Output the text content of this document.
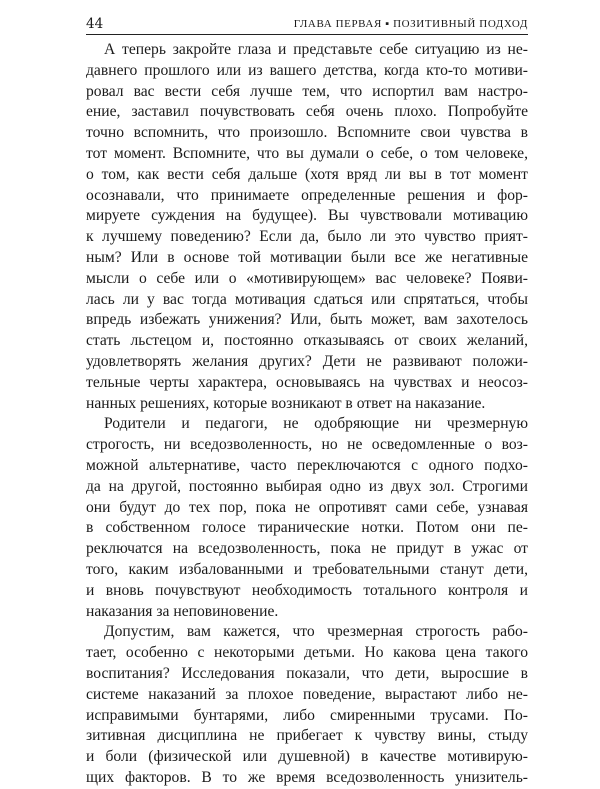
44	ГЛАВА ПЕРВАЯ ▪ ПОЗИТИВНЫЙ ПОДХОД
А теперь закройте глаза и представьте себе ситуацию из не-
давнего прошлого или из вашего детства, когда кто-то мотиви-
ровал вас вести себя лучше тем, что испортил вам настро-
ение, заставил почувствовать себя очень плохо. Попробуйте
точно вспомнить, что произошло. Вспомните свои чувства в
тот момент. Вспомните, что вы думали о себе, о том человеке,
о том, как вести себя дальше (хотя вряд ли вы в тот момент
осознавали, что принимаете определенные решения и фор-
мируете суждения на будущее). Вы чувствовали мотивацию
к лучшему поведению? Если да, было ли это чувство прият-
ным? Или в основе той мотивации были все же негативные
мысли о себе или о «мотивирующем» вас человеке? Появи-
лась ли у вас тогда мотивация сдаться или спрятаться, чтобы
впредь избежать унижения? Или, быть может, вам захотелось
стать льстецом и, постоянно отказываясь от своих желаний,
удовлетворять желания других? Дети не развивают положи-
тельные черты характера, основываясь на чувствах и неосоз-
нанных решениях, которые возникают в ответ на наказание.
Родители и педагоги, не одобряющие ни чрезмерную
строгость, ни вседозволенность, но не осведомленные о воз-
можной альтернативе, часто переключаются с одного подхо-
да на другой, постоянно выбирая одно из двух зол. Строгими
они будут до тех пор, пока не опротивят сами себе, узнавая
в собственном голосе тиранические нотки. Потом они пе-
реключатся на вседозволенность, пока не придут в ужас от
того, каким избалованными и требовательными станут дети,
и вновь почувствуют необходимость тотального контроля и
наказания за неповиновение.
Допустим, вам кажется, что чрезмерная строгость рабо-
тает, особенно с некоторыми детьми. Но какова цена такого
воспитания? Исследования показали, что дети, выросшие в
системе наказаний за плохое поведение, вырастают либо не-
исправимыми бунтарями, либо смиренными трусами. По-
зитивная дисциплина не прибегает к чувству вины, стыду
и боли (физической или душевной) в качестве мотивирую-
щих факторов. В то же время вседозволенность унизитель-
